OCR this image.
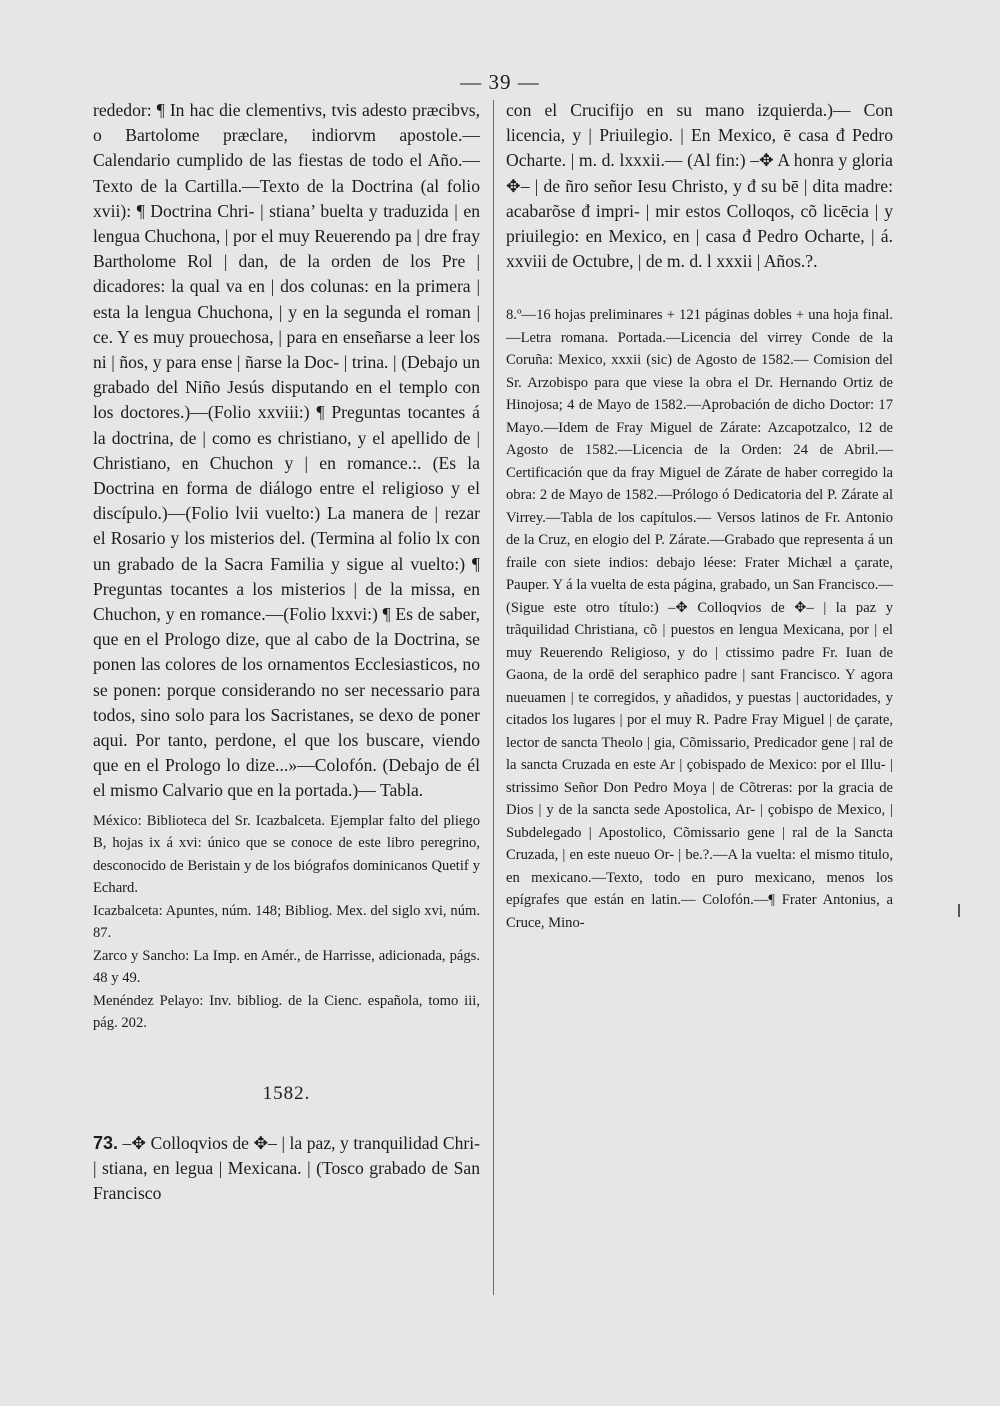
— 39 —

rededor: ¶ In hac die clementivs, tvis adesto præcibvs, o Bartolome præclare, indiorvm apostole.— Calendario cumplido de las fiestas de todo el Año.—Texto de la Cartilla.—Texto de la Doctrina (al folio xvii): ¶ Doctrina Chri- | stiana’ buelta y traduzida | en lengua Chuchona, | por el muy Reuerendo pa | dre fray Bartholome Rol | dan, de la orden de los Pre | dicadores: la qual va en | dos colunas: en la primera | esta la lengua Chuchona, | y en la segunda el roman | ce. Y es muy prouechosa, | para en enseñarse a leer los ni | ños, y para ense | ñarse la Doc- | trina. | (Debajo un grabado del Niño Jesús disputando en el templo con los doctores.)—(Folio xxviii:) ¶ Preguntas tocantes á la doctrina, de | como es christiano, y el apellido de | Christiano, en Chuchon y | en romance.:. (Es la Doctrina en forma de diálogo entre el religioso y el discípulo.)—(Folio lvii vuelto:) La manera de | rezar el Rosario y los misterios del. (Termina al folio lx con un grabado de la Sacra Familia y sigue al vuelto:) ¶ Preguntas tocantes a los misterios | de la missa, en Chuchon, y en romance.—(Folio lxxvi:) ¶ Es de saber, que en el Prologo dize, que al cabo de la Doctrina, se ponen las colores de los ornamentos Ecclesiasticos, no se ponen: porque considerando no ser necessario para todos, sino solo para los Sacristanes, se dexo de poner aqui. Por tanto, perdone, el que los buscare, viendo que en el Prologo lo dize...»—Colofón. (Debajo de él el mismo Calvario que en la portada.)— Tabla.

México: Biblioteca del Sr. Icazbalceta. Ejemplar falto del pliego B, hojas ix á xvi: único que se conoce de este libro peregrino, desconocido de Beristain y de los biógrafos dominicanos Quetif y Echard.

Icazbalceta: Apuntes, núm. 148; Bibliog. Mex. del siglo xvi, núm. 87.

Zarco y Sancho: La Imp. en Amér., de Harrisse, adicionada, págs. 48 y 49.

Menéndez Pelayo: Inv. bibliog. de la Cienc. española, tomo iii, pág. 202.

1582.

73. –✥ Colloqvios de ✥– | la paz, y tranquilidad Chri- | stiana, en legua | Mexicana. | (Tosco grabado de San Francisco

con el Crucifijo en su mano izquierda.)— Con licencia, y | Priuilegio. | En Mexico, ē casa đ Pedro Ocharte. | m. d. lxxxii.— (Al fin:) –✥ A honra y gloria ✥– | de ñro señor Iesu Christo, y đ su bē | dita madre: acabarõse đ impri- | mir estos Colloqos, cõ licēcia | y priuilegio: en Mexico, en | casa đ Pedro Ocharte, | á. xxviii de Octubre, | de m. d. l xxxii | Años.?.

8.º—16 hojas preliminares + 121 páginas dobles + una hoja final.—Letra romana. Portada.—Licencia del virrey Conde de la Coruña: Mexico, xxxii (sic) de Agosto de 1582.— Comision del Sr. Arzobispo para que viese la obra el Dr. Hernando Ortiz de Hinojosa; 4 de Mayo de 1582.—Aprobación de dicho Doctor: 17 Mayo.—Idem de Fray Miguel de Zárate: Azcapotzalco, 12 de Agosto de 1582.—Licencia de la Orden: 24 de Abril.—Certificación que da fray Miguel de Zárate de haber corregido la obra: 2 de Mayo de 1582.—Prólogo ó Dedicatoria del P. Zárate al Virrey.—Tabla de los capítulos.— Versos latinos de Fr. Antonio de la Cruz, en elogio del P. Zárate.—Grabado que representa á un fraile con siete indios: debajo léese: Frater Michæl a çarate, Pauper. Y á la vuelta de esta página, grabado, un San Francisco.—(Sigue este otro título:) –✥ Colloqvios de ✥– | la paz y trãquilidad Christiana, cõ | puestos en lengua Mexicana, por | el muy Reuerendo Religioso, y do | ctissimo padre Fr. Iuan de Gaona, de la ordē del seraphico padre | sant Francisco. Y agora nueuamen | te corregidos, y añadidos, y puestas | auctoridades, y citados los lugares | por el muy R. Padre Fray Miguel | de çarate, lector de sancta Theolo | gia, Cõmissario, Predicador gene | ral de la sancta Cruzada en este Ar | çobispado de Mexico: por el Illu- | strissimo Señor Don Pedro Moya | de Cõtreras: por la gracia de Dios | y de la sancta sede Apostolica, Ar- | çobispo de Mexico, | Subdelegado | Apostolico, Cõmissario gene | ral de la Sancta Cruzada, | en este nueuo Or- | be.?.—A la vuelta: el mismo titulo, en mexicano.—Texto, todo en puro mexicano, menos los epígrafes que están en latin.— Colofón.—¶ Frater Antonius, a Cruce, Mino-
